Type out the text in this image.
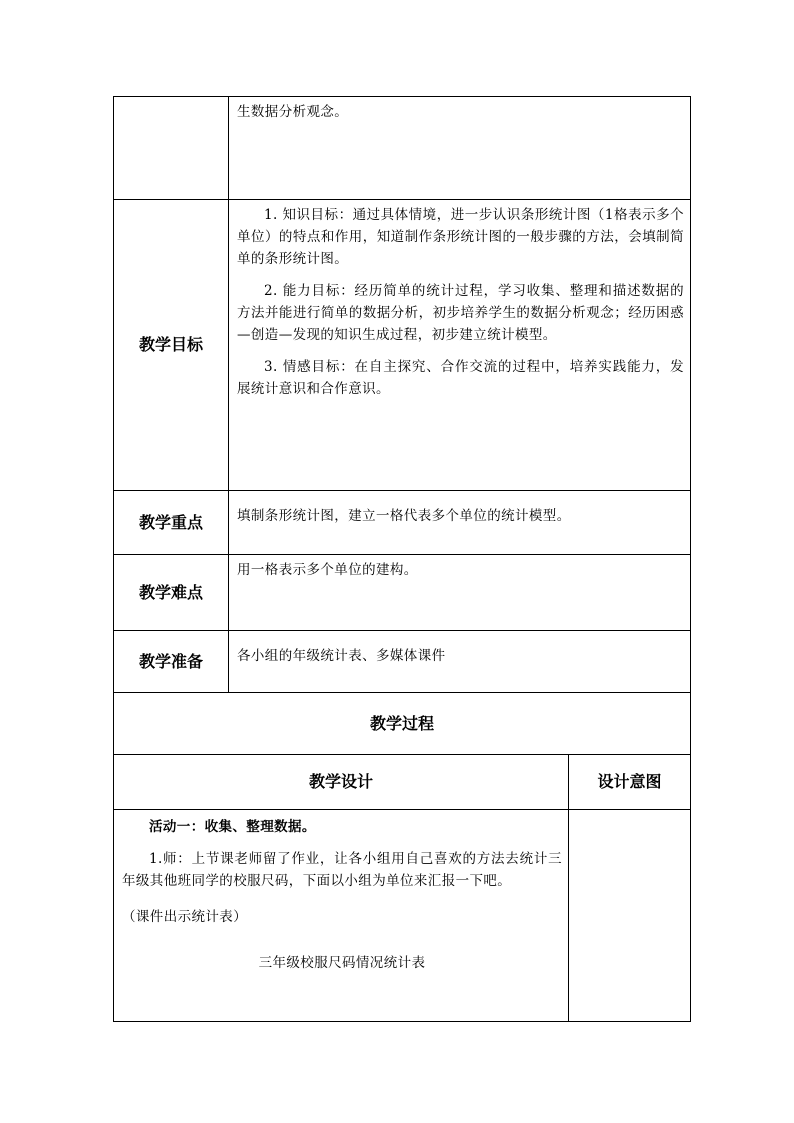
	生数据分析观念。	

教学目标	1. 知识目标：通过具体情境，进一步认识条形统计图（1格表示多个单位）的特点和作用，知道制作条形统计图的一般步骤的方法，会填制简单的条形统计图。

2. 能力目标：经历简单的统计过程，学习收集、整理和描述数据的方法并能进行简单的数据分析，初步培养学生的数据分析观念；经历困惑—创造—发现的知识生成过程，初步建立统计模型。

3. 情感目标：在自主探究、合作交流的过程中，培养实践能力，发展统计意识和合作意识。	

教学重点	填制条形统计图，建立一格代表多个单位的统计模型。	

教学难点	用一格表示多个单位的建构。	

教学准备	各小组的年级统计表、多媒体课件	

教学过程		
教学设计		设计意图

活动一：收集、整理数据。

1.师：上节课老师留了作业，让各小组用自己喜欢的方法去统计三年级其他班同学的校服尺码，下面以小组为单位来汇报一下吧。

（课件出示统计表）

三年级校服尺码情况统计表		
